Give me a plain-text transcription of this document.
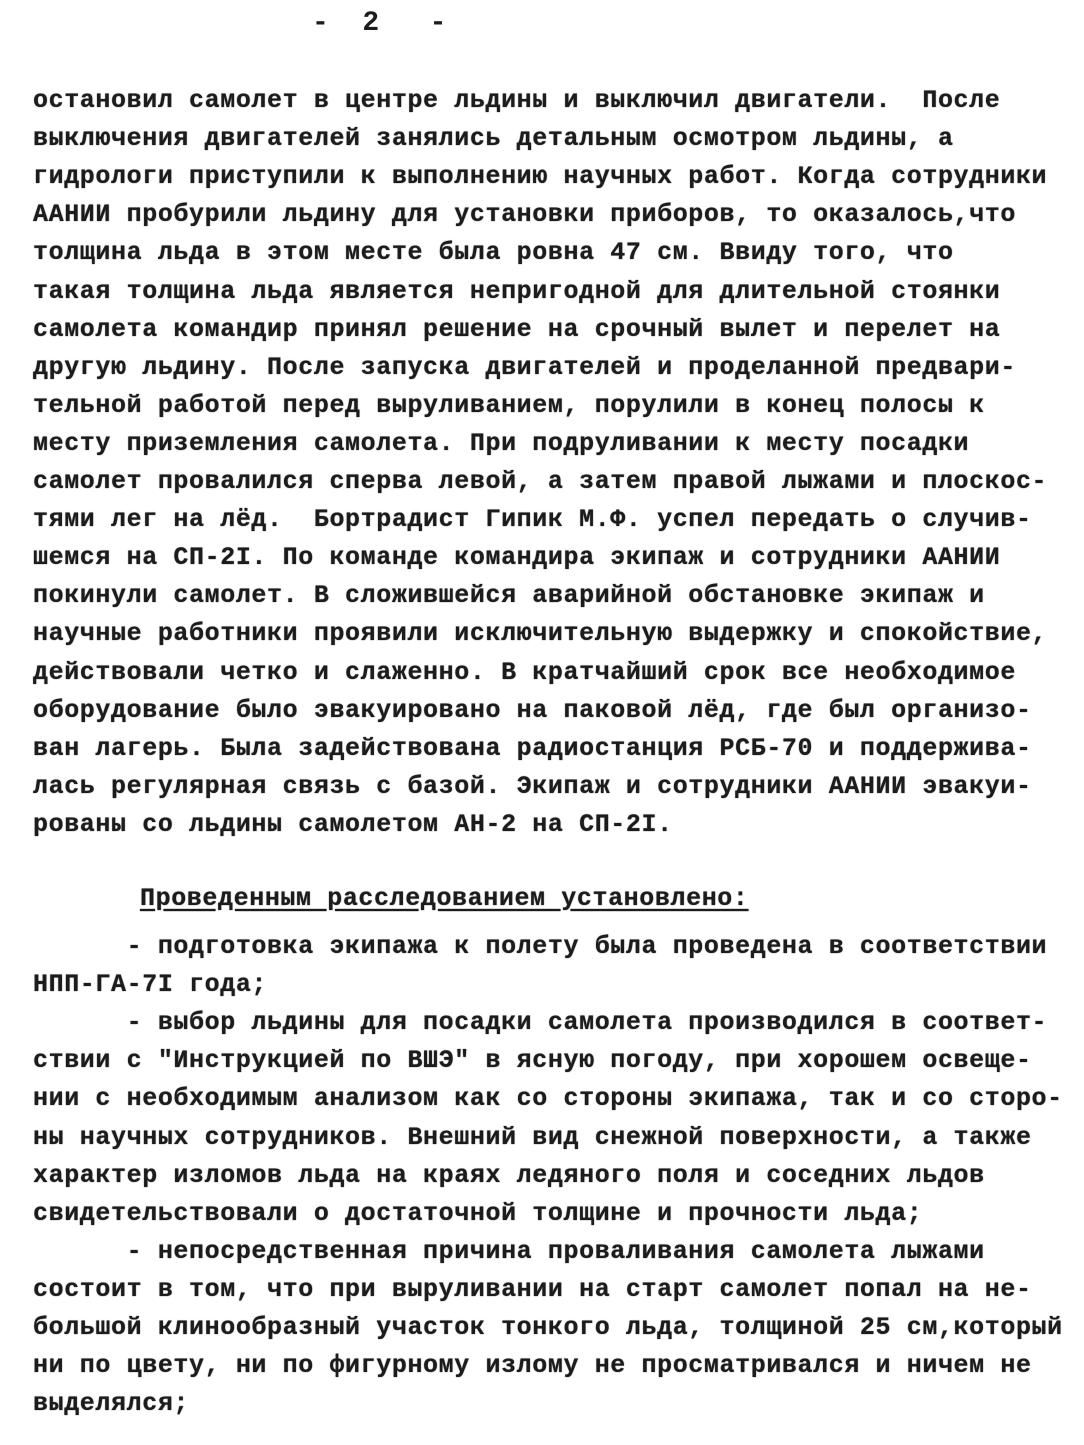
-  2   -
остановил самолет в центре льдины и выключил двигатели.  После
выключения двигателей занялись детальным осмотром льдины, а
гидрологи приступили к выполнению научных работ. Когда сотрудники
ААНИИ пробурили льдину для установки приборов, то оказалось,что
толщина льда в этом месте была ровна 47 см. Ввиду того, что
такая толщина льда является непригодной для длительной стоянки
самолета командир принял решение на срочный вылет и перелет на
другую льдину. После запуска двигателей и проделанной предвари-
тельной работой перед выруливанием, порулили в конец полосы к
месту приземления самолета. При подруливании к месту посадки
самолет провалился сперва левой, а затем правой лыжами и плоскос-
тями лег на лёд.  Бортрадист Гипик М.Ф. успел передать о случив-
шемся на СП-2I. По команде командира экипаж и сотрудники ААНИИ
покинули самолет. В сложившейся аварийной обстановке экипаж и
научные работники проявили исключительную выдержку и спокойствие,
действовали четко и слаженно. В кратчайший срок все необходимое
оборудование было эвакуировано на паковой лёд, где был организо-
ван лагерь. Была задействована радиостанция РСБ-70 и поддержива-
лась регулярная связь с базой. Экипаж и сотрудники ААНИИ эвакуи-
рованы со льдины самолетом АН-2 на СП-2I.
Проведенным расследованием установлено:
- подготовка экипажа к полету была проведена в соответствии
НПП-ГА-7I года;
- выбор льдины для посадки самолета производился в соответ-
ствии с "Инструкцией по ВШЭ" в ясную погоду, при хорошем освеще-
нии с необходимым анализом как со стороны экипажа, так и со сторо-
ны научных сотрудников. Внешний вид снежной поверхности, а также
характер изломов льда на краях ледяного поля и соседних льдов
свидетельствовали о достаточной толщине и прочности льда;
- непосредственная причина проваливания самолета лыжами
состоит в том, что при выруливании на старт самолет попал на не-
большой клинообразный участок тонкого льда, толщиной 25 см,который
ни по цвету, ни по фигурному излому не просматривался и ничем не
выделялся;
